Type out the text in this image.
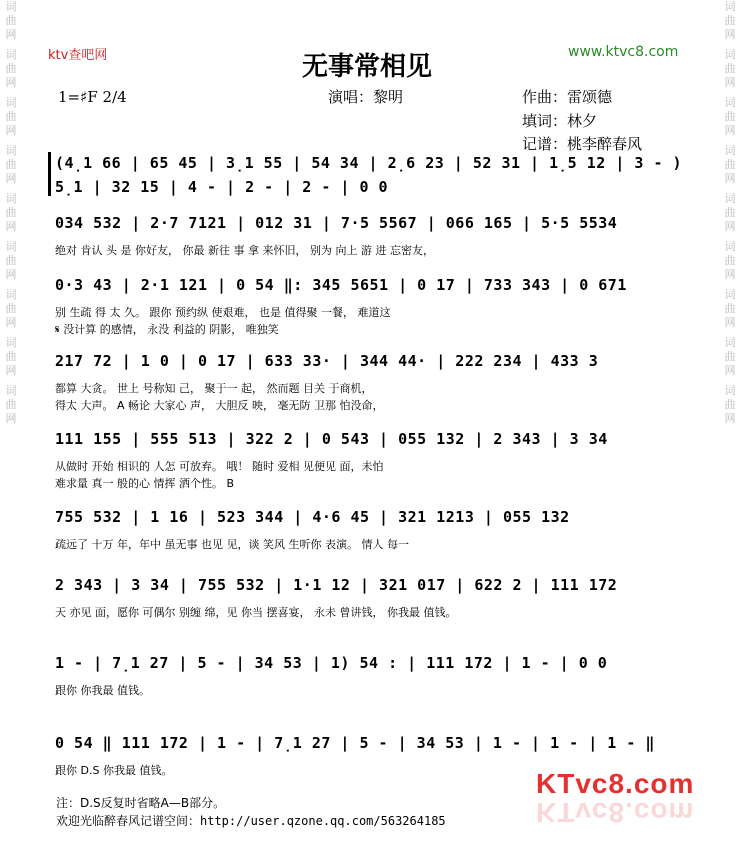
词曲网
词曲网
词曲网
词曲网
词曲网
词曲网
词曲网
词曲网
词曲网
词曲网
词曲网
词曲网
词曲网
词曲网
词曲网
词曲网
词曲网
词曲网
ktv查吧网	www.ktvc8.com
无事常相见
1=♯F 2/4	演唱：黎明	作曲：雷颂德
填词：林夕
记谱：桃李醉春风
(4̣1 66 | 65 45 | 3̣1 55 | 54 34 | 2̣6 23 | 52 31 | 1̣5 12 | 3 - )
5̣1 | 32 15 | 4 - | 2 - | 2 - | 0 0
034 532 | 2·7 7121 | 012 31 | 7·5 5567 | 066 165 | 5·5 5534
绝对 肯认 头 是 你好友， 你最 新往 事 拿 来怀旧， 别为 向上 游 进 忘密友，
0·3 43 | 2·1 121 | 0 54 ‖: 345 5651 | 0 17 | 733 343 | 0 671
别 生疏 得 太 久。 跟你 预约纵 使艰难， 也是 值得聚 一餐， 难道这
𝄋 没计算 的感情， 永没 利益的 阴影， 唯独笑
217 72 | 1 0 | 0 17 | 633 33· | 344 44· | 222 234 | 433 3
都算 大贪。 世上 号称知 己， 聚于一 起， 然而题 目关 于商机，
得太 大声。 A 畅论 大家心 声， 大胆反 映， 毫无防 卫那 怕没命，
111 155 | 555 513 | 322 2 | 0 543 | 055 132 | 2 343 | 3 34
从做时 开始 相识的 人怎 可放弃。 哦！ 随时 爱相 见便见 面，未怕
难求量 真一 般的心 情挥 洒个性。 B
755 532 | 1 16 | 523 344 | 4·6 45 | 321 1213 | 055 132
疏远了 十万 年，年中 虽无事 也见 见，谈 笑风 生听你 表演。 情人 每一
2 343 | 3 34 | 755 532 | 1·1 12 | 321 017 | 622 2 | 111 172
天 亦见 面，愿你 可偶尔 别缠 绵，见 你当 摆喜宴， 永未 曾讲钱， 你我最 值钱。
1 - | 7̣1 27 | 5 - | 34 53 | 1) 54 : | 111 172 | 1 - | 0 0
跟你 你我最 值钱。
0 54 ‖ 111 172 | 1 - | 7̣1 27 | 5 - | 34 53 | 1 - | 1 - | 1 - ‖
跟你 D.S 你我最 值钱。
注：D.S反复时省略A—B部分。
欢迎光临醉春风记谱空间：http://user.qzone.qq.com/563264185
KTvc8.com
KTvc8.com
